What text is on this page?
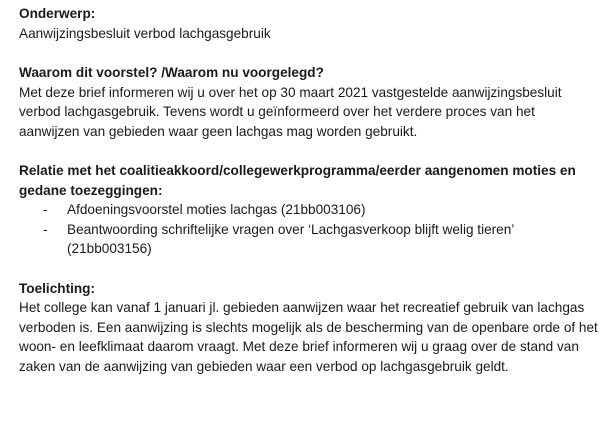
Onderwerp:

Aanwijzingsbesluit verbod lachgasgebruik

Waarom dit voorstel? /Waarom nu voorgelegd?

Met deze brief informeren wij u over het op 30 maart 2021 vastgestelde aanwijzingsbesluit verbod lachgasgebruik. Tevens wordt u geïnformeerd over het verdere proces van het aanwijzen van gebieden waar geen lachgas mag worden gebruikt.

Relatie met het coalitieakkoord/collegewerkprogramma/eerder aangenomen moties en gedane toezeggingen:

- Afdoeningsvoorstel moties lachgas (21bb003106)
- Beantwoording schriftelijke vragen over ‘Lachgasverkoop blijft welig tieren’ (21bb003156)

Toelichting:

Het college kan vanaf 1 januari jl. gebieden aanwijzen waar het recreatief gebruik van lachgas verboden is. Een aanwijzing is slechts mogelijk als de bescherming van de openbare orde of het woon- en leefklimaat daarom vraagt. Met deze brief informeren wij u graag over de stand van zaken van de aanwijzing van gebieden waar een verbod op lachgasgebruik geldt.
